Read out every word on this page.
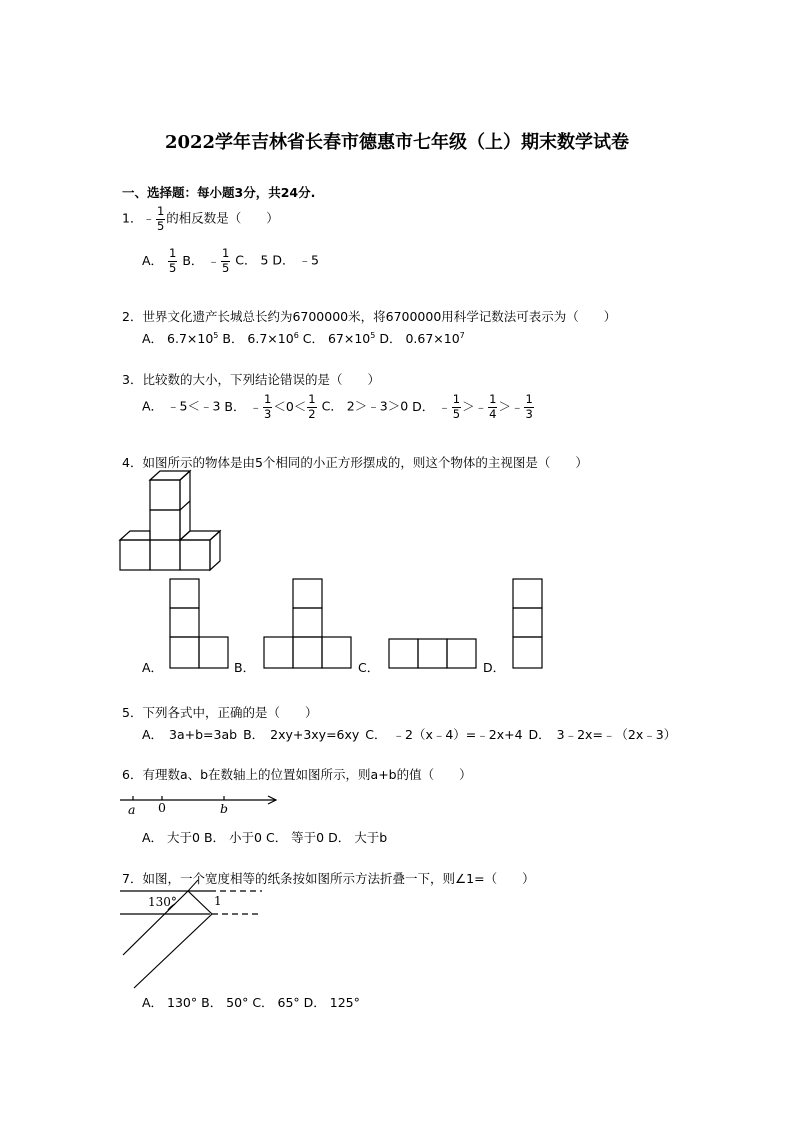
2022学年吉林省长春市德惠市七年级（上）期末数学试卷
一、选择题：每小题3分，共24分.
1．﹣ $\frac{1}{5}$ 的相反数是（　　）
A． $\frac{1}{5}$ B． ﹣ $\frac{1}{5}$ C． 5 D． ﹣5
2．世界文化遗产长城总长约为6700000米，将6700000用科学记数法可表示为（　　）
A． $6.7\times 10^5$ B． $6.7\times 10^6$ C． $67\times 10^5$ D． $0.67\times 10^7$
3．比较数的大小，下列结论错误的是（　　）
A． ﹣5＜﹣3 B． ﹣ $\frac{1}{3} <0< \frac{1}{2}$ C． 2＞﹣3＞0 D． ﹣ $\frac{1}{5}$ ＞﹣ $\frac{1}{4}$ ＞﹣ $\frac{1}{3}$
4．如图所示的物体是由5个相同的小正方形摆成的，则这个物体的主视图是（　　）
A．	B．	C．	D．
5．下列各式中，正确的是（　　）
A． 3a+b=3ab B． 2xy+3xy=6xy C． ﹣2（x﹣4）=﹣2x+4 D． 3﹣2x=﹣（2x﹣3）
6．有理数a、b在数轴上的位置如图所示，则a+b的值（　　）
a 0	b
A． 大于0 B． 小于0 C． 等于0 D． 大于b
7．如图，一个宽度相等的纸条按如图所示方法折叠一下，则∠1=（　　）
130°	1
A． 130° B． 50° C． 65° D． 125°
